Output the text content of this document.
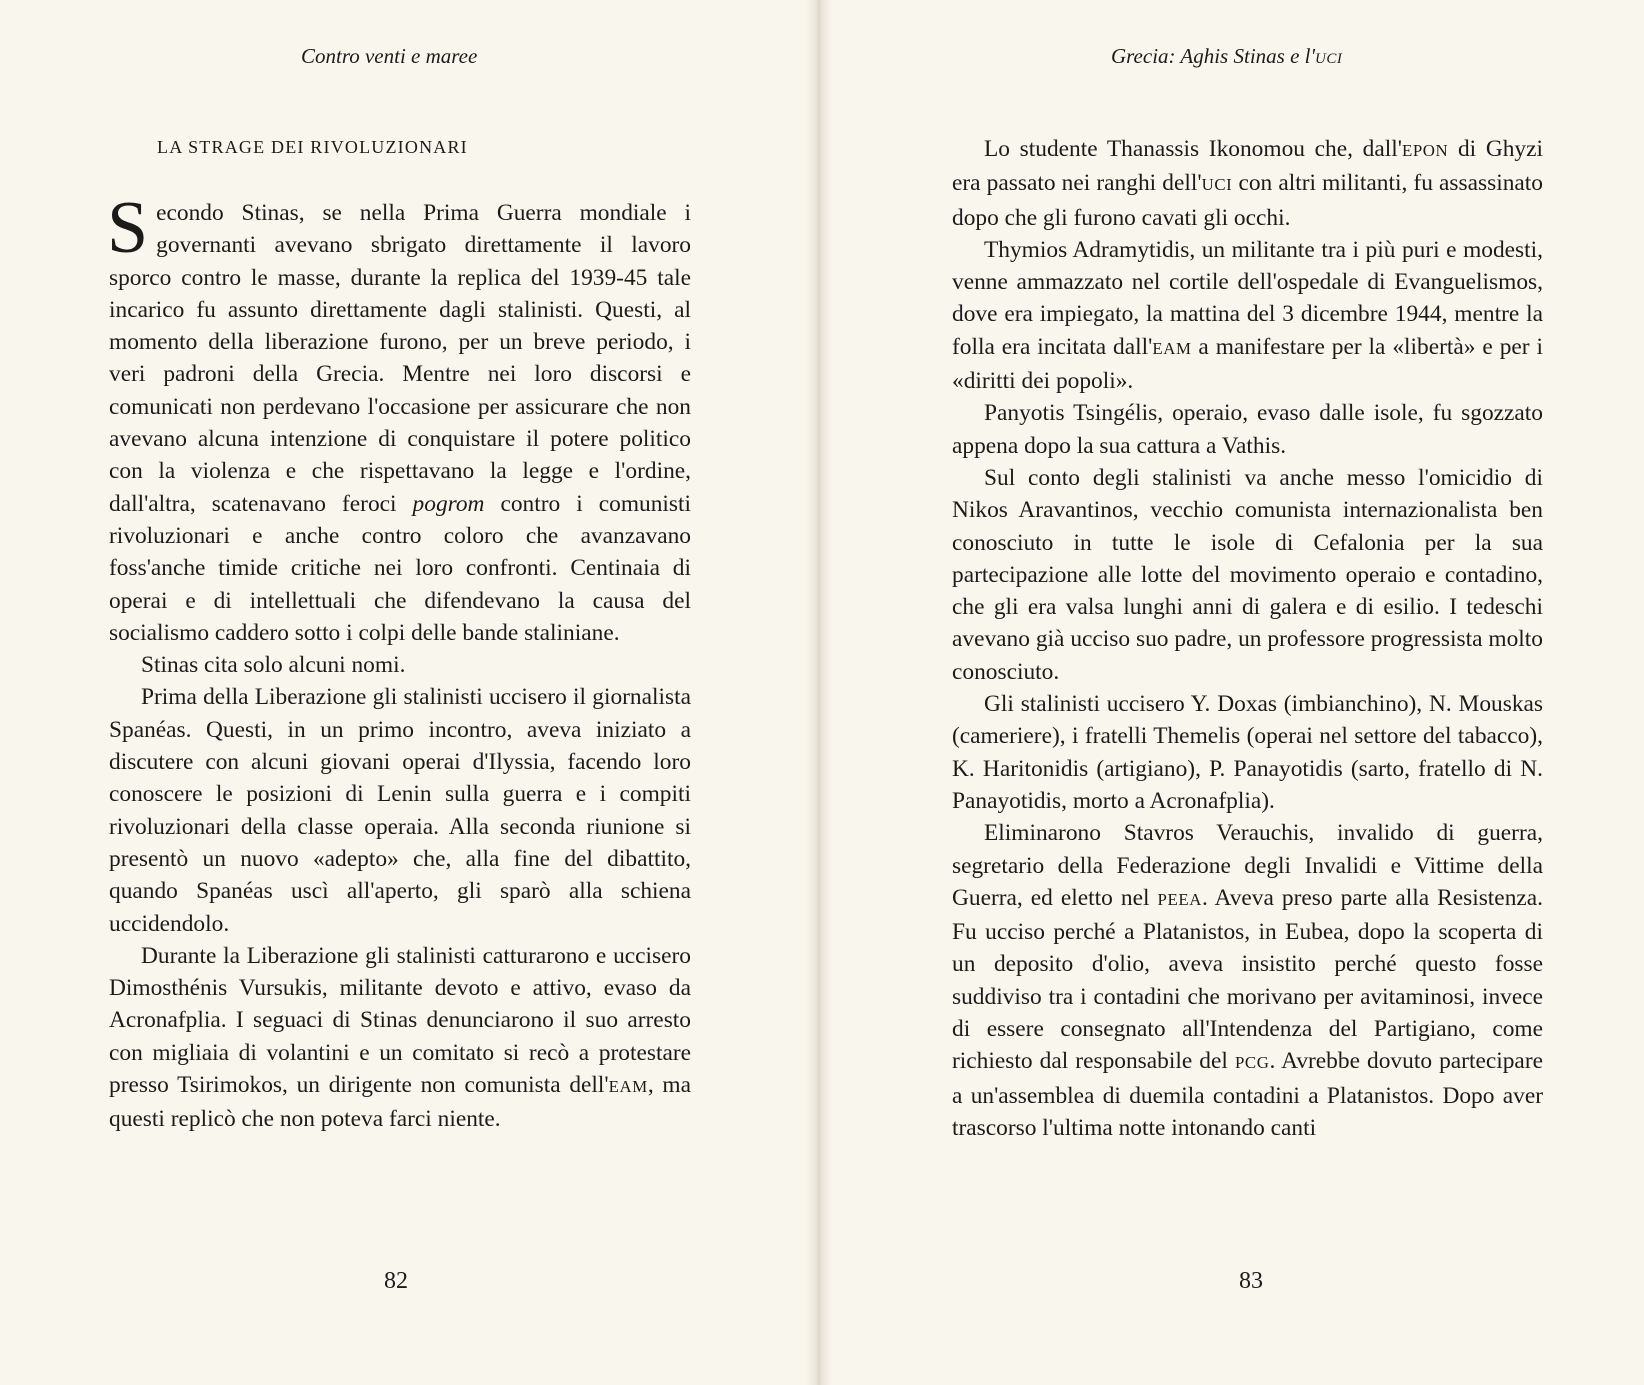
Contro venti e maree
LA STRAGE DEI RIVOLUZIONARI

Secondo Stinas, se nella Prima Guerra mondiale i governanti avevano sbrigato direttamente il lavoro sporco contro le masse, durante la replica del 1939-45 tale incarico fu assunto direttamente dagli stalinisti. Questi, al momento della liberazione furono, per un breve periodo, i veri padroni della Grecia. Mentre nei loro discorsi e comunicati non perdevano l'occasione per assicurare che non avevano alcuna intenzione di conquistare il potere politico con la violenza e che rispettavano la legge e l'ordine, dall'altra, scatenavano feroci pogrom contro i comunisti rivoluzionari e anche contro coloro che avanzavano foss'anche timide critiche nei loro confronti. Centinaia di operai e di intellettuali che difendevano la causa del socialismo caddero sotto i colpi delle bande staliniane.

Stinas cita solo alcuni nomi.

Prima della Liberazione gli stalinisti uccisero il giornalista Spanéas. Questi, in un primo incontro, aveva iniziato a discutere con alcuni giovani operai d'Ilyssia, facendo loro conoscere le posizioni di Lenin sulla guerra e i compiti rivoluzionari della classe operaia. Alla seconda riunione si presentò un nuovo «adepto» che, alla fine del dibattito, quando Spanéas uscì all'aperto, gli sparò alla schiena uccidendolo.

Durante la Liberazione gli stalinisti catturarono e uccisero Dimosthénis Vursukis, militante devoto e attivo, evaso da Acronafplia. I seguaci di Stinas denunciarono il suo arresto con migliaia di volantini e un comitato si recò a protestare presso Tsirimokos, un dirigente non comunista dell'EAM, ma questi replicò che non poteva farci niente.

82
Grecia: Aghis Stinas e l'UCI

Lo studente Thanassis Ikonomou che, dall'EPON di Ghyzi era passato nei ranghi dell'UCI con altri militanti, fu assassinato dopo che gli furono cavati gli occhi.

Thymios Adramytidis, un militante tra i più puri e modesti, venne ammazzato nel cortile dell'ospedale di Evanguelismos, dove era impiegato, la mattina del 3 dicembre 1944, mentre la folla era incitata dall'EAM a manifestare per la «libertà» e per i «diritti dei popoli».

Panyotis Tsingélis, operaio, evaso dalle isole, fu sgozzato appena dopo la sua cattura a Vathis.

Sul conto degli stalinisti va anche messo l'omicidio di Nikos Aravantinos, vecchio comunista internazionalista ben conosciuto in tutte le isole di Cefalonia per la sua partecipazione alle lotte del movimento operaio e contadino, che gli era valsa lunghi anni di galera e di esilio. I tedeschi avevano già ucciso suo padre, un professore progressista molto conosciuto.

Gli stalinisti uccisero Y. Doxas (imbianchino), N. Mouskas (cameriere), i fratelli Themelis (operai nel settore del tabacco), K. Haritonidis (artigiano), P. Panayotidis (sarto, fratello di N. Panayotidis, morto a Acronafplia).

Eliminarono Stavros Verauchis, invalido di guerra, segretario della Federazione degli Invalidi e Vittime della Guerra, ed eletto nel PEEA. Aveva preso parte alla Resistenza. Fu ucciso perché a Platanistos, in Eubea, dopo la scoperta di un deposito d'olio, aveva insistito perché questo fosse suddiviso tra i contadini che morivano per avitaminosi, invece di essere consegnato all'Intendenza del Partigiano, come richiesto dal responsabile del PCG. Avrebbe dovuto partecipare a un'assemblea di duemila contadini a Platanistos. Dopo aver trascorso l'ultima notte intonando canti

83
